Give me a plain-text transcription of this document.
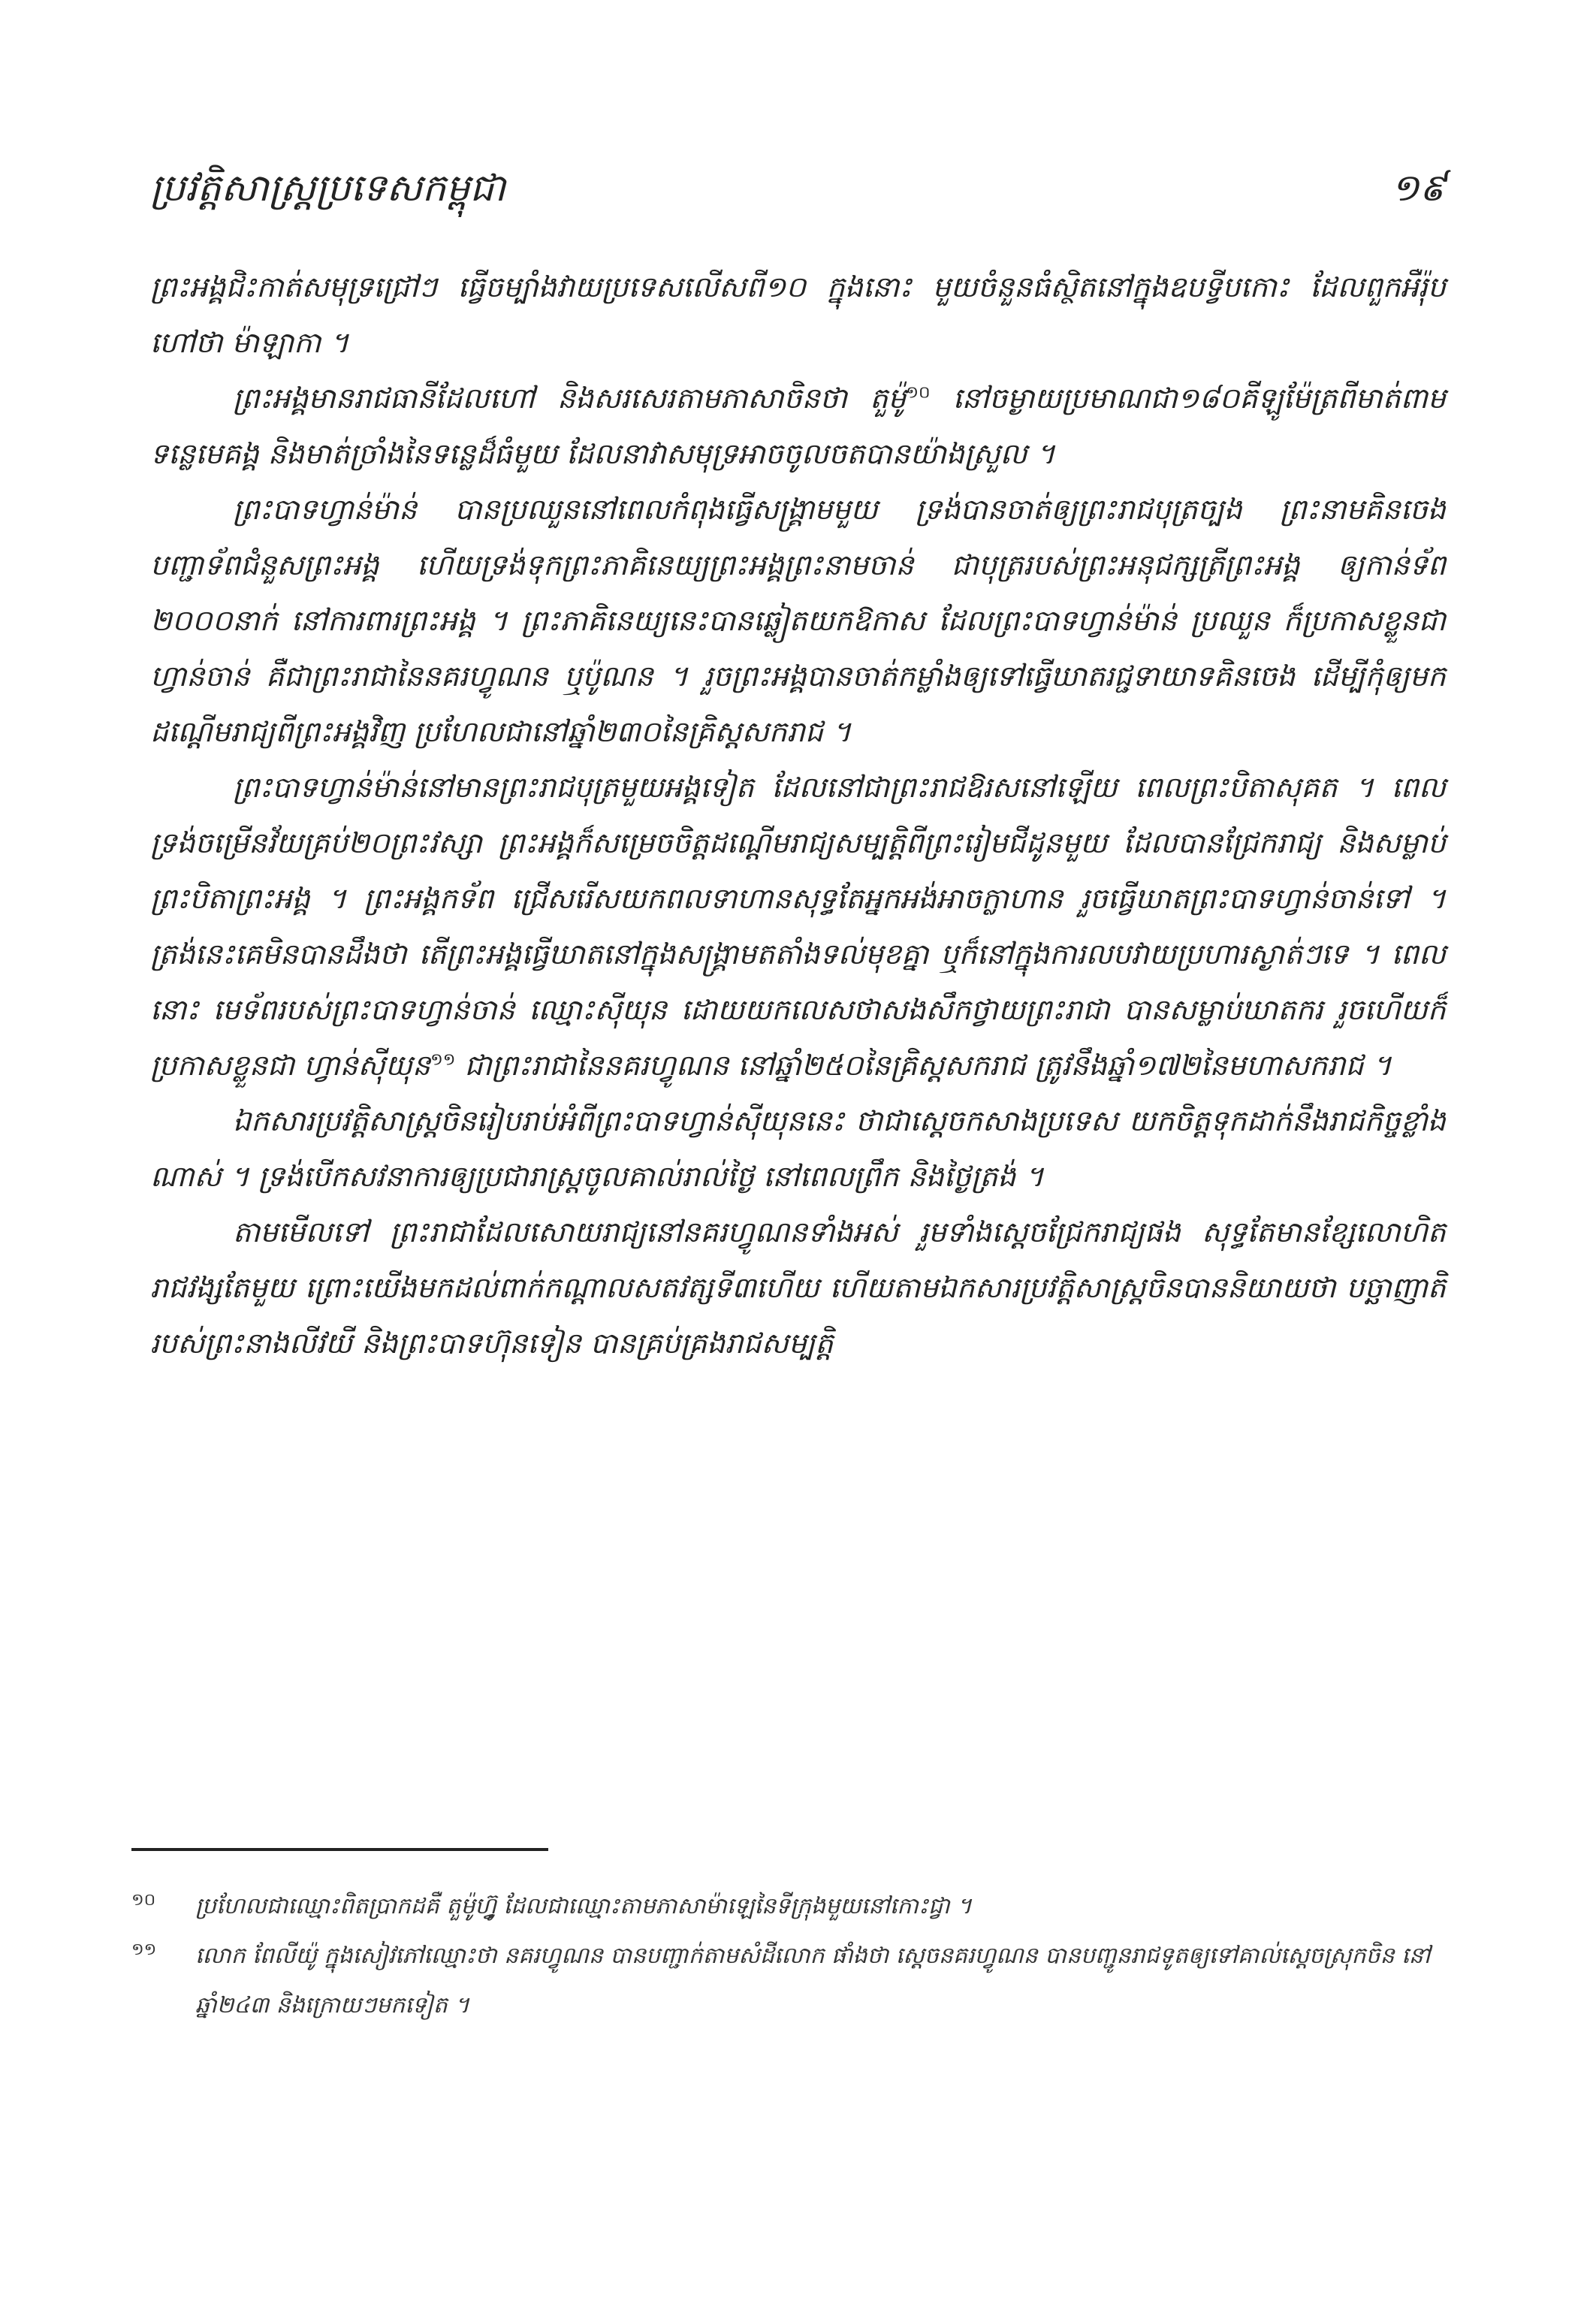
ប្រវត្តិសាស្ត្រប្រទេសកម្ពុជា	១៩

ព្រះអង្គជិះកាត់សមុទ្រជ្រៅៗ ធ្វើចម្បាំងវាយប្រទេសលើសពី១០ ក្នុងនោះ មួយចំនួនធំស្ថិតនៅក្នុងឧបទ្វីបកោះ ដែលពួកអឺរ៉ុបហៅថា ម៉ាឡាកា ។

ព្រះអង្គមានរាជធានីដែលហៅ និងសរសេរតាមភាសាចិនថា តួម៉ូ$^{១០}$ នៅចម្ងាយប្រមាណជា១៨០គីឡូម៉ែត្រពីមាត់ពាមទន្លេមេគង្គ និងមាត់ច្រាំងនៃទន្លេដ៏ធំមួយ ដែលនាវាសមុទ្រអាចចូលចតបានយ៉ាងស្រួល ។

ព្រះបាទហ្វាន់ម៉ាន់ បានប្រឈួននៅពេលកំពុងធ្វើសង្គ្រាមមួយ ទ្រង់បានចាត់ឲ្យព្រះរាជបុត្រច្បង ព្រះនាមគិនចេង បញ្ជាទ័ពជំនួសព្រះអង្គ ហើយទ្រង់ទុកព្រះភាគិនេយ្យព្រះអង្គព្រះនាមចាន់ ជាបុត្ររបស់ព្រះអនុជក្សត្រីព្រះអង្គ ឲ្យកាន់ទ័ព ២០០០នាក់ នៅការពារព្រះអង្គ ។ ព្រះភាគិនេយ្យនេះបានឆ្លៀតយកឱកាស ដែលព្រះបាទហ្វាន់ម៉ាន់ ប្រឈួន ក៏ប្រកាសខ្លួនជា ហ្វាន់ចាន់ គឺជាព្រះរាជានៃនគរហ្វូណន ឬប៉ូណន ។ រួចព្រះអង្គបានចាត់កម្លាំងឲ្យទៅធ្វើឃាតរជ្ជទាយាទគិនចេង ដើម្បីកុំឲ្យមកដណ្ដើមរាជ្យពីព្រះអង្គវិញ ប្រហែលជានៅឆ្នាំ២៣០នៃគ្រិស្តសករាជ ។

ព្រះបាទហ្វាន់ម៉ាន់នៅមានព្រះរាជបុត្រមួយអង្គទៀត ដែលនៅជាព្រះរាជឱរសនៅឡើយ ពេលព្រះបិតាសុគត ។ ពេលទ្រង់ចម្រើនវ័យគ្រប់២០ព្រះវស្សា ព្រះអង្គក៏សម្រេចចិត្តដណ្ដើមរាជ្យសម្បត្តិពីព្រះរៀមជីដូនមួយ ដែលបានជ្រែករាជ្យ និងសម្លាប់ព្រះបិតាព្រះអង្គ ។ ព្រះអង្គកទ័ព ជ្រើសរើសយកពលទាហានសុទ្ធតែអ្នកអង់អាចក្លាហាន រួចធ្វើឃាតព្រះបាទហ្វាន់ចាន់ទៅ ។ ត្រង់នេះគេមិនបានដឹងថា តើព្រះអង្គធ្វើឃាតនៅក្នុងសង្គ្រាមតតាំងទល់មុខគ្នា ឬក៏នៅក្នុងការលបវាយប្រហារស្ងាត់ៗទេ ។ ពេលនោះ មេទ័ពរបស់ព្រះបាទហ្វាន់ចាន់ ឈ្មោះស៊ីយុន ដោយយកលេសថាសងសឹកថ្វាយព្រះរាជា បានសម្លាប់ឃាតករ រួចហើយក៏ប្រកាសខ្លួនជា ហ្វាន់ស៊ីយុន$^{១១}$ ជាព្រះរាជានៃនគរហ្វូណន នៅឆ្នាំ២៥០នៃគ្រិស្តសករាជ ត្រូវនឹងឆ្នាំ១៧២នៃមហាសករាជ ។

ឯកសារប្រវត្តិសាស្ត្រចិនរៀបរាប់អំពីព្រះបាទហ្វាន់ស៊ីយុននេះ ថាជាស្ដេចកសាងប្រទេស យកចិត្តទុកដាក់នឹងរាជកិច្ចខ្លាំងណាស់ ។ ទ្រង់បើកសវនាការឲ្យប្រជារាស្ត្រចូលគាល់រាល់ថ្ងៃ នៅពេលព្រឹក និងថ្ងៃត្រង់ ។

តាមមើលទៅ ព្រះរាជាដែលសោយរាជ្យនៅនគរហ្វូណនទាំងអស់ រួមទាំងស្ដេចជ្រែករាជ្យផង សុទ្ធតែមានខ្សែលោហិតរាជវង្សតែមួយ ព្រោះយើងមកដល់ពាក់កណ្ដាលសតវត្សទី៣ហើយ ហើយតាមឯកសារប្រវត្តិសាស្ត្រចិនបាននិយាយថា បច្ឆាញាតិរបស់ព្រះនាងលីវយី និងព្រះបាទហ៊ុនទៀន បានគ្រប់គ្រងរាជសម្បត្តិ

១០ ប្រហែលជាឈ្មោះពិតប្រាកដគឺ តួម៉ូហ្វ៊ូ ដែលជាឈ្មោះតាមភាសាម៉ាឡេនៃទីក្រុងមួយនៅកោះជ្វា ។

១១ លោក ពែលីយ៉ូ ក្នុងសៀវភៅឈ្មោះថា នគរហ្វូណន បានបញ្ជាក់តាមសំដីលោក ផាំងថា ស្ដេចនគរហ្វូណន បានបញ្ជូនរាជទូតឲ្យទៅគាល់ស្ដេចស្រុកចិន នៅឆ្នាំ២៤៣ និងក្រោយៗមកទៀត ។
